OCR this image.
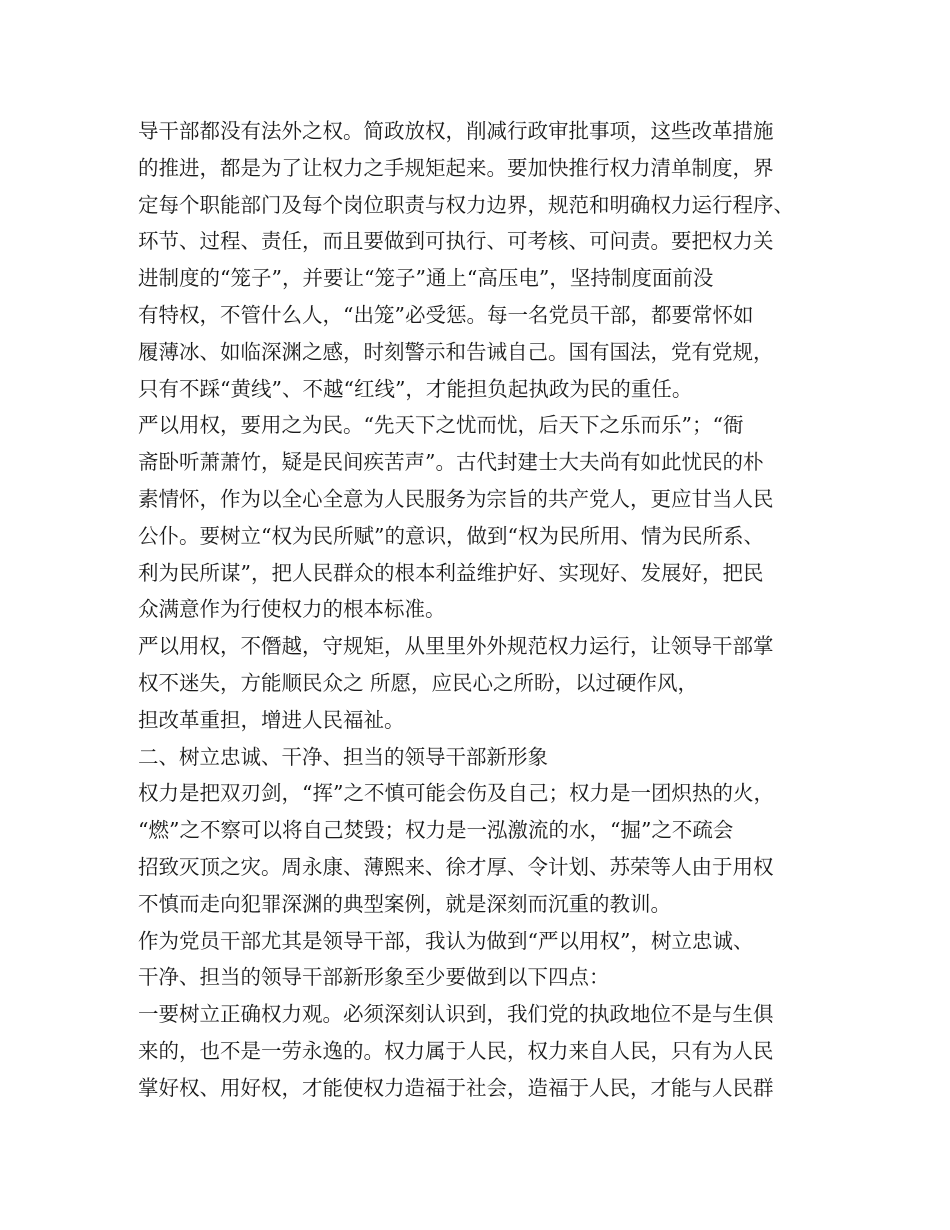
导干部都没有法外之权。简政放权，削减行政审批事项，这些改革措施
的推进，都是为了让权力之手规矩起来。要加快推行权力清单制度，界
定每个职能部门及每个岗位职责与权力边界，规范和明确权力运行程序、
环节、过程、责任，而且要做到可执行、可考核、可问责。要把权力关
进制度的“笼子”，并要让“笼子”通上“高压电”，坚持制度面前没
有特权，不管什么人，“出笼”必受惩。每一名党员干部，都要常怀如
履薄冰、如临深渊之感，时刻警示和告诫自己。国有国法，党有党规，
只有不踩“黄线”、不越“红线”，才能担负起执政为民的重任。
严以用权，要用之为民。“先天下之忧而忧，后天下之乐而乐”；“衙
斋卧听萧萧竹，疑是民间疾苦声”。古代封建士大夫尚有如此忧民的朴
素情怀，作为以全心全意为人民服务为宗旨的共产党人，更应甘当人民
公仆。要树立“权为民所赋”的意识，做到“权为民所用、情为民所系、
利为民所谋”，把人民群众的根本利益维护好、实现好、发展好，把民
众满意作为行使权力的根本标准。
严以用权，不僭越，守规矩，从里里外外规范权力运行，让领导干部掌
权不迷失，方能顺民众之 所愿，应民心之所盼，以过硬作风，
担改革重担，增进人民福祉。
二、树立忠诚、干净、担当的领导干部新形象
权力是把双刃剑，“挥”之不慎可能会伤及自己；权力是一团炽热的火，
“燃”之不察可以将自己焚毁；权力是一泓激流的水，“掘”之不疏会
招致灭顶之灾。周永康、薄熙来、徐才厚、令计划、苏荣等人由于用权
不慎而走向犯罪深渊的典型案例，就是深刻而沉重的教训。
作为党员干部尤其是领导干部，我认为做到“严以用权”，树立忠诚、
干净、担当的领导干部新形象至少要做到以下四点：
一要树立正确权力观。必须深刻认识到，我们党的执政地位不是与生俱
来的，也不是一劳永逸的。权力属于人民，权力来自人民，只有为人民
掌好权、用好权，才能使权力造福于社会，造福于人民，才能与人民群
